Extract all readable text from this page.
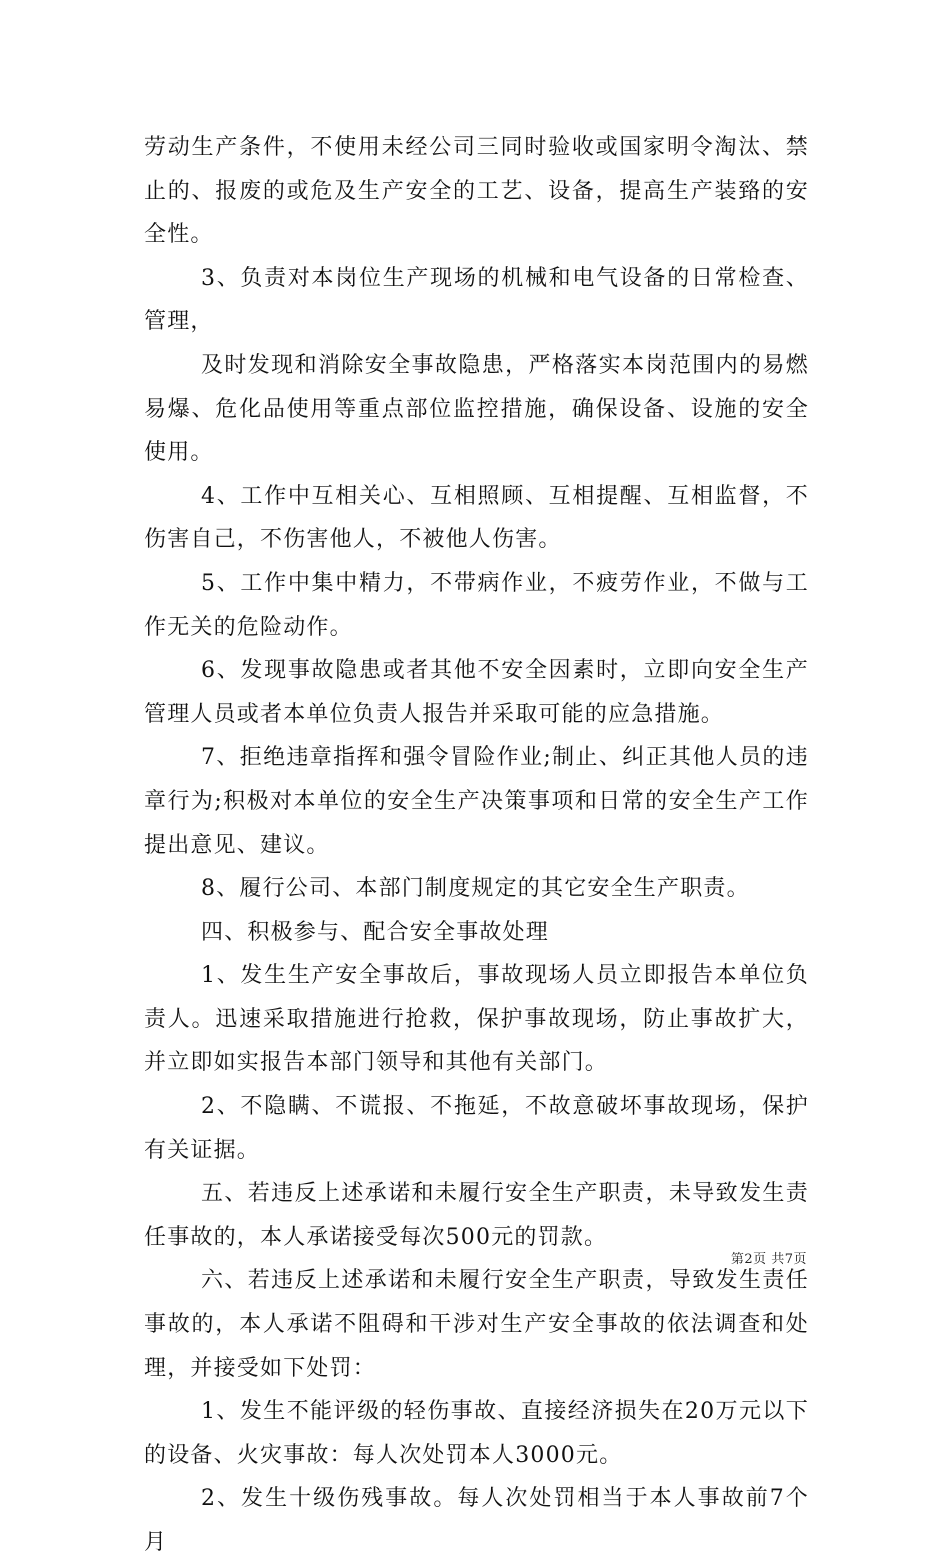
劳动生产条件，不使用未经公司三同时验收或国家明令淘汰、禁止的、报废的或危及生产安全的工艺、设备，提高生产装臵的安全性。

3、负责对本岗位生产现场的机械和电气设备的日常检查、管理，

及时发现和消除安全事故隐患，严格落实本岗范围内的易燃易爆、危化品使用等重点部位监控措施，确保设备、设施的安全使用。

4、工作中互相关心、互相照顾、互相提醒、互相监督，不伤害自己，不伤害他人，不被他人伤害。

5、工作中集中精力，不带病作业，不疲劳作业，不做与工作无关的危险动作。

6、发现事故隐患或者其他不安全因素时，立即向安全生产管理人员或者本单位负责人报告并采取可能的应急措施。

7、拒绝违章指挥和强令冒险作业;制止、纠正其他人员的违章行为;积极对本单位的安全生产决策事项和日常的安全生产工作提出意见、建议。

8、履行公司、本部门制度规定的其它安全生产职责。

四、积极参与、配合安全事故处理

1、发生生产安全事故后，事故现场人员立即报告本单位负责人。迅速采取措施进行抢救，保护事故现场，防止事故扩大，并立即如实报告本部门领导和其他有关部门。

2、不隐瞒、不谎报、不拖延，不故意破坏事故现场，保护有关证据。

五、若违反上述承诺和未履行安全生产职责，未导致发生责任事故的，本人承诺接受每次500元的罚款。

六、若违反上述承诺和未履行安全生产职责，导致发生责任事故的，本人承诺不阻碍和干涉对生产安全事故的依法调查和处理，并接受如下处罚：

1、发生不能评级的轻伤事故、直接经济损失在20万元以下的设备、火灾事故：每人次处罚本人3000元。

2、发生十级伤残事故。每人次处罚相当于本人事故前7个月

第2页 共7页
